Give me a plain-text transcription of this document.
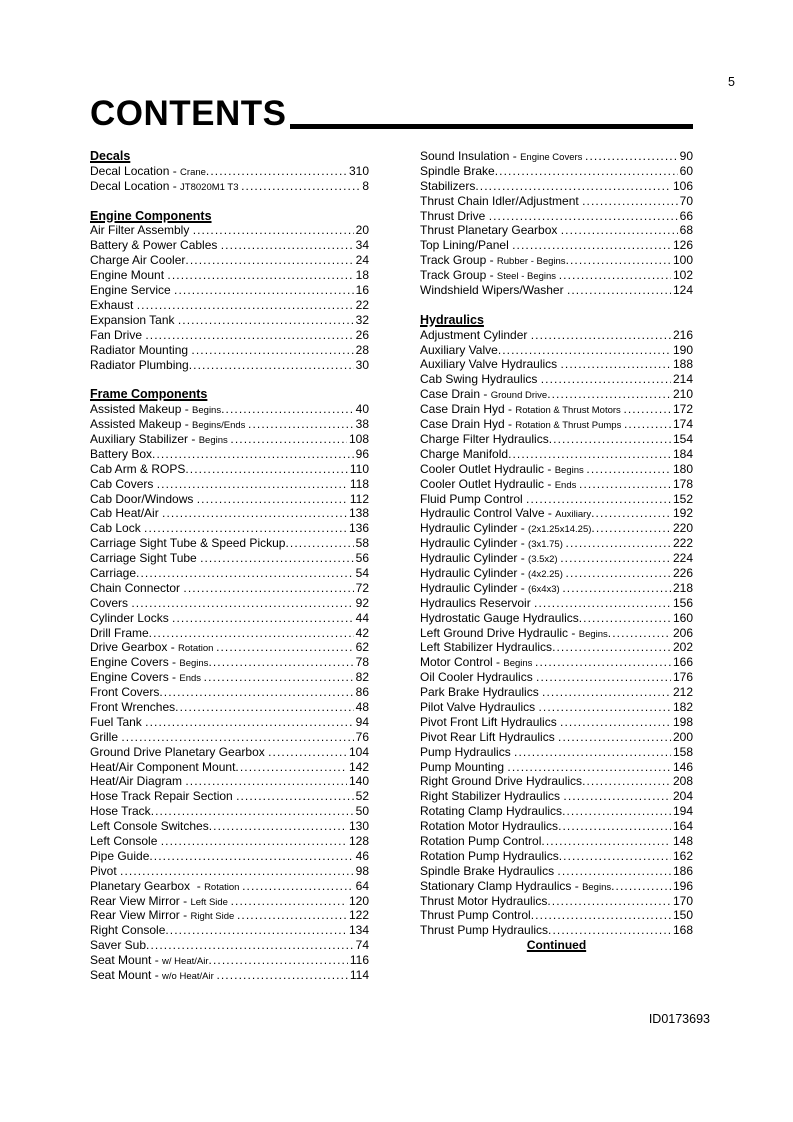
5
CONTENTS
Decals
Decal Location - Crane .....	310
Decal Location - JT8020M1 T3 .....	8
Engine Components
Air Filter Assembly .....	20
Battery & Power Cables .....	34
Charge Air Cooler .....	24
Engine Mount .....	18
Engine Service .....	16
Exhaust .....	22
Expansion Tank .....	32
Fan Drive .....	26
Radiator Mounting .....	28
Radiator Plumbing .....	30
Frame Components
Assisted Makeup - Begins .....	40
Assisted Makeup - Begins/Ends .....	38
Auxiliary Stabilizer - Begins .....	108
Battery Box .....	96
Cab Arm & ROPS .....	110
Cab Covers .....	118
Cab Door/Windows .....	112
Cab Heat/Air .....	138
Cab Lock .....	136
Carriage Sight Tube & Speed Pickup .....	58
Carriage Sight Tube .....	56
Carriage .....	54
Chain Connector .....	72
Covers .....	92
Cylinder Locks .....	44
Drill Frame .....	42
Drive Gearbox - Rotation .....	62
Engine Covers - Begins .....	78
Engine Covers - Ends .....	82
Front Covers .....	86
Front Wrenches .....	48
Fuel Tank .....	94
Grille .....	76
Ground Drive Planetary Gearbox .....	104
Heat/Air Component Mount .....	142
Heat/Air Diagram .....	140
Hose Track Repair Section .....	52
Hose Track .....	50
Left Console Switches .....	130
Left Console .....	128
Pipe Guide .....	46
Pivot .....	98
Planetary Gearbox  - Rotation .....	64
Rear View Mirror - Left Side .....	120
Rear View Mirror - Right Side .....	122
Right Console .....	134
Saver Sub .....	74
Seat Mount - w/ Heat/Air .....	116
Seat Mount - w/o Heat/Air .....	114
Sound Insulation - Engine Covers .....	90
Spindle Brake .....	60
Stabilizers .....	106
Thrust Chain Idler/Adjustment .....	70
Thrust Drive .....	66
Thrust Planetary Gearbox .....	68
Top Lining/Panel .....	126
Track Group - Rubber - Begins .....	100
Track Group - Steel - Begins .....	102
Windshield Wipers/Washer .....	124
Hydraulics
Adjustment Cylinder .....	216
Auxiliary Valve .....	190
Auxiliary Valve Hydraulics .....	188
Cab Swing Hydraulics .....	214
Case Drain - Ground Drive .....	210
Case Drain Hyd - Rotation & Thrust Motors .....	172
Case Drain Hyd - Rotation & Thrust Pumps .....	174
Charge Filter Hydraulics .....	154
Charge Manifold .....	184
Cooler Outlet Hydraulic - Begins .....	180
Cooler Outlet Hydraulic - Ends .....	178
Fluid Pump Control .....	152
Hydraulic Control Valve - Auxiliary .....	192
Hydraulic Cylinder - (2x1.25x14.25) .....	220
Hydraulic Cylinder - (3x1.75) .....	222
Hydraulic Cylinder - (3.5x2) .....	224
Hydraulic Cylinder - (4x2.25) .....	226
Hydraulic Cylinder - (6x4x3) .....	218
Hydraulics Reservoir .....	156
Hydrostatic Gauge Hydraulics .....	160
Left Ground Drive Hydraulic - Begins .....	206
Left Stabilizer Hydraulics .....	202
Motor Control - Begins .....	166
Oil Cooler Hydraulics .....	176
Park Brake Hydraulics .....	212
Pilot Valve Hydraulics .....	182
Pivot Front Lift Hydraulics .....	198
Pivot Rear Lift Hydraulics .....	200
Pump Hydraulics .....	158
Pump Mounting .....	146
Right Ground Drive Hydraulics .....	208
Right Stabilizer Hydraulics .....	204
Rotating Clamp Hydraulics .....	194
Rotation Motor Hydraulics .....	164
Rotation Pump Control .....	148
Rotation Pump Hydraulics .....	162
Spindle Brake Hydraulics .....	186
Stationary Clamp Hydraulics - Begins .....	196
Thrust Motor Hydraulics .....	170
Thrust Pump Control .....	150
Thrust Pump Hydraulics .....	168
Continued
ID0173693
